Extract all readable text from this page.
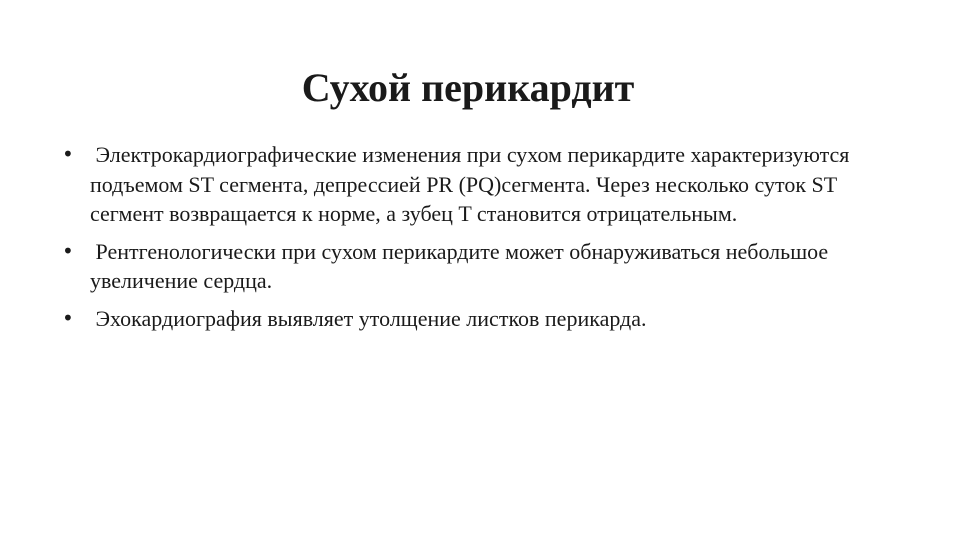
Сухой перикардит
• Электрокардиографические изменения при сухом перикардите характеризуются подъемом ST сегмента, депрессией PR (PQ)сегмента. Через несколько суток ST сегмент возвращается к норме, а зубец T становится отрицательным.
• Рентгенологически при сухом перикардите может обнаруживаться небольшое увеличение сердца.
• Эхокардиография выявляет утолщение листков перикарда.
